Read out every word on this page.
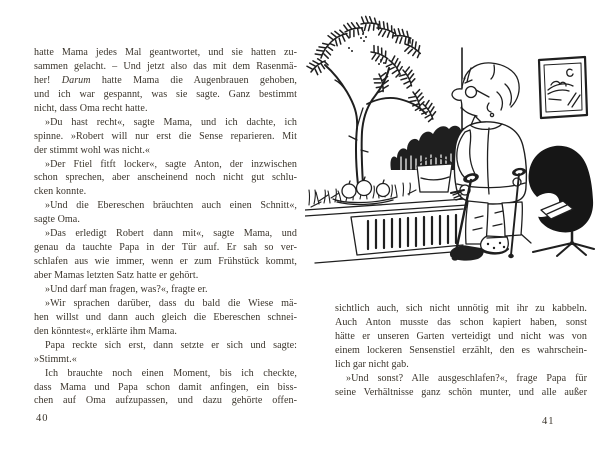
hatte Mama jedes Mal geantwortet, und sie hatten zu-
sammen gelacht. – Und jetzt also das mit dem Rasenmä-
her! Darum hatte Mama die Augenbrauen gehoben,
und ich war gespannt, was sie sagte. Ganz bestimmt
nicht, dass Oma recht hatte.
»Du hast recht«, sagte Mama, und ich dachte, ich
spinne. »Robert will nur erst die Sense reparieren. Mit
der stimmt wohl was nicht.«
»Der Ftiel fitft locker«, sagte Anton, der inzwischen
schon sprechen, aber anscheinend noch nicht gut schlu-
cken konnte.
»Und die Ebereschen bräuchten auch einen Schnitt«,
sagte Oma.
»Das erledigt Robert dann mit«, sagte Mama, und
genau da tauchte Papa in der Tür auf. Er sah so ver-
schlafen aus wie immer, wenn er zum Frühstück kommt,
aber Mamas letzten Satz hatte er gehört.
»Und darf man fragen, was?«, fragte er.
»Wir sprachen darüber, dass du bald die Wiese mä-
hen willst und dann auch gleich die Ebereschen schnei-
den könntest«, erklärte ihm Mama.
Papa reckte sich erst, dann setzte er sich und sagte:
»Stimmt.«
Ich brauchte noch einen Moment, bis ich checkte,
dass Mama und Papa schon damit anfingen, ein biss-
chen auf Oma aufzupassen, und dazu gehörte offen-
40
sichtlich auch, sich nicht unnötig mit ihr zu kabbeln.
Auch Anton musste das schon kapiert haben, sonst
hätte er unseren Garten verteidigt und nicht was von
einem lockeren Sensenstiel erzählt, den es wahrschein-
lich gar nicht gab.
»Und sonst? Alle ausgeschlafen?«, frage Papa für
seine Verhältnisse ganz schön munter, und alle außer
41
